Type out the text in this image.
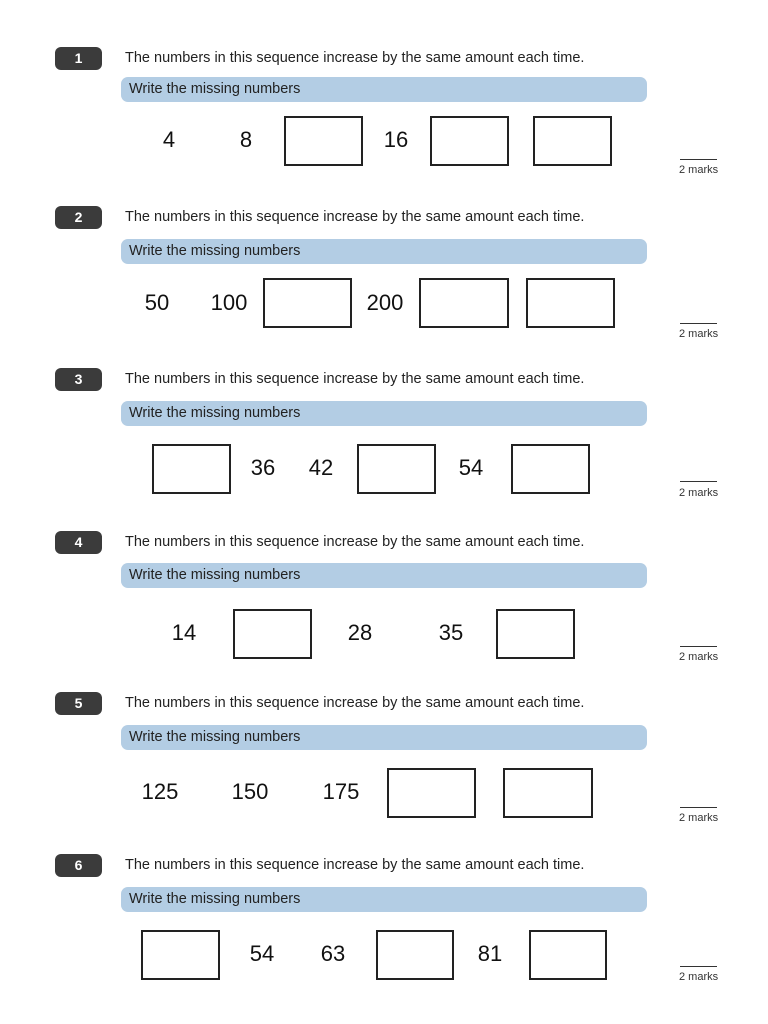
1	The numbers in this sequence increase by the same amount each time.
Write the missing numbers
4	8	16
2 marks
2	The numbers in this sequence increase by the same amount each time.
Write the missing numbers
50	100	200
2 marks
3	The numbers in this sequence increase by the same amount each time.
Write the missing numbers
36	42	54
2 marks
4	The numbers in this sequence increase by the same amount each time.
Write the missing numbers
14	28	35
2 marks
5	The numbers in this sequence increase by the same amount each time.
Write the missing numbers
125	150	175
2 marks
6	The numbers in this sequence increase by the same amount each time.
Write the missing numbers
54	63	81
2 marks
